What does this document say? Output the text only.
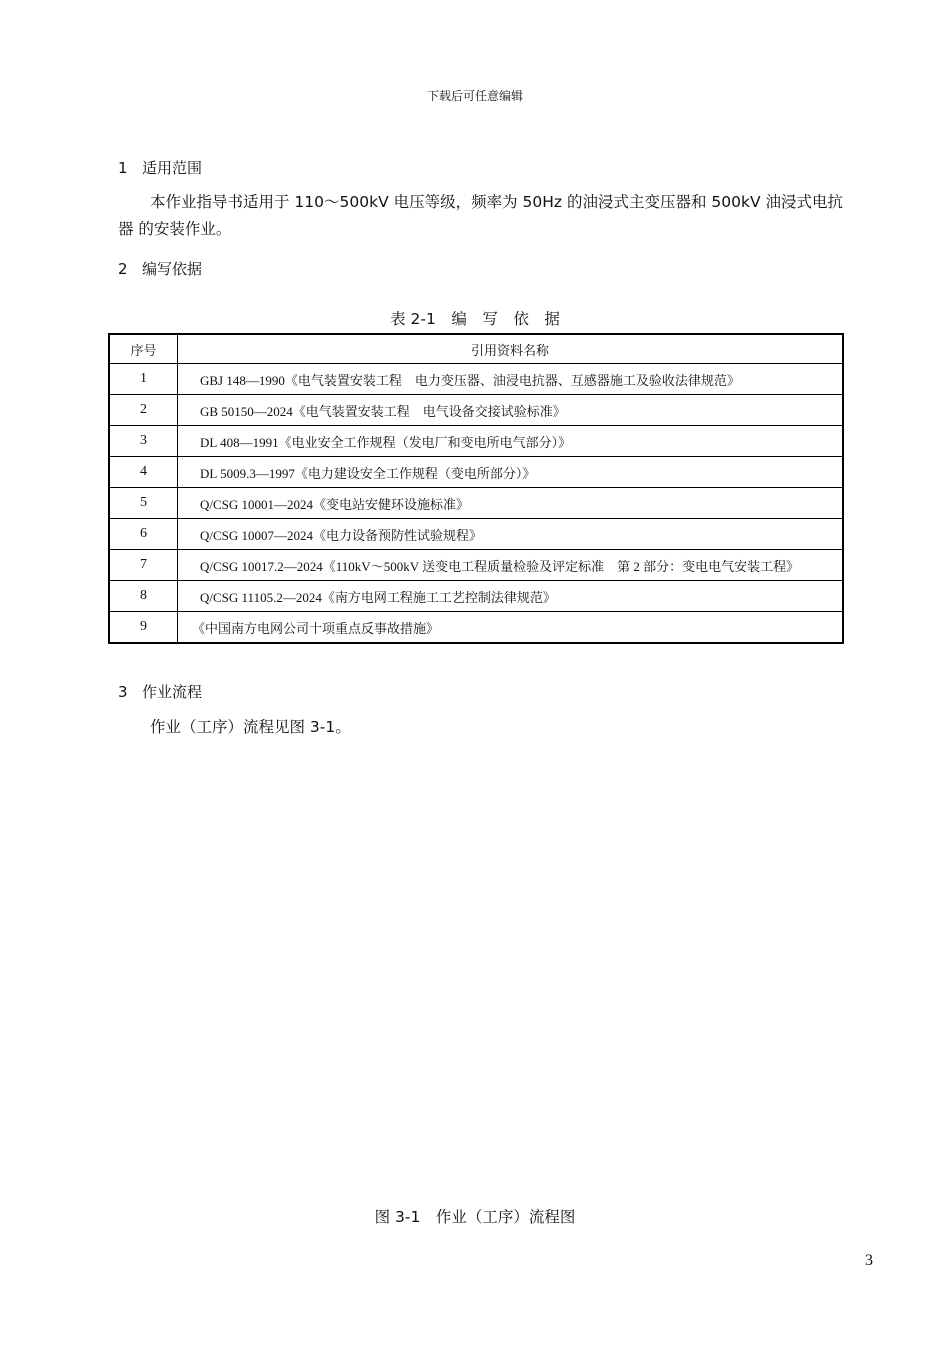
下载后可任意编辑
1 适用范围
本作业指导书适用于 110～500kV 电压等级，频率为 50Hz 的油浸式主变压器和 500kV 油浸式电抗器 的安装作业。
2 编写依据
表 2-1　编　写　依　据
序号	引用资料名称
1	GBJ 148—1990《电气装置安装工程　电力变压器、油浸电抗器、互感器施工及验收法律规范》
2	GB 50150—2024《电气装置安装工程　电气设备交接试验标准》
3	DL 408—1991《电业安全工作规程（发电厂和变电所电气部分）》
4	DL 5009.3—1997《电力建设安全工作规程（变电所部分）》
5	Q/CSG 10001—2024《变电站安健环设施标准》
6	Q/CSG 10007—2024《电力设备预防性试验规程》
7	Q/CSG 10017.2—2024《110kV～500kV 送变电工程质量检验及评定标准　第 2 部分：变电电气安装工程》
8	Q/CSG 11105.2—2024《南方电网工程施工工艺控制法律规范》
9	《中国南方电网公司十项重点反事故措施》
3 作业流程
作业（工序）流程见图 3-1。
图 3-1　作业（工序）流程图
3
